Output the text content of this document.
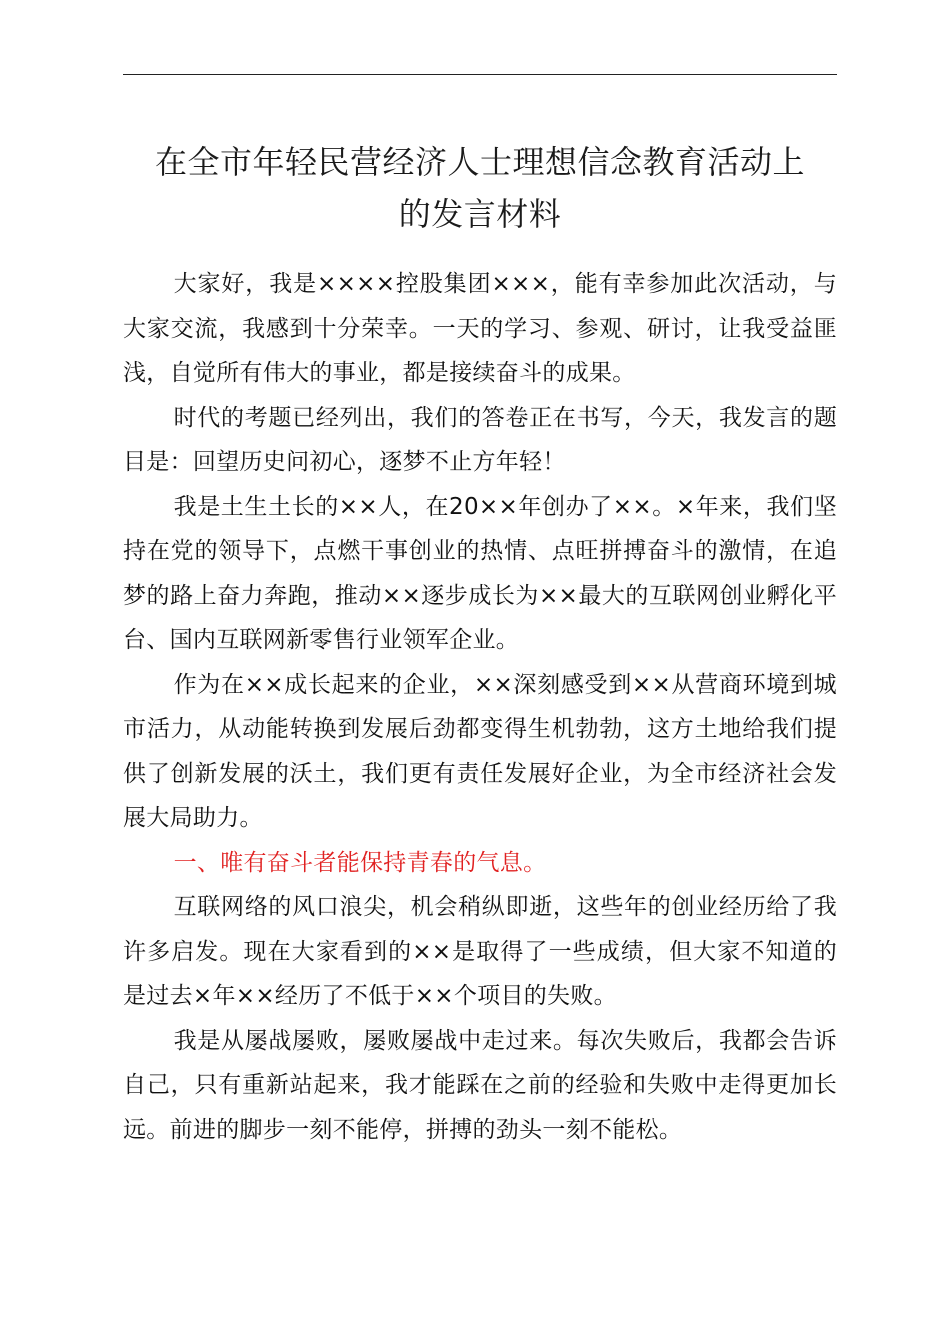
在全市年轻民营经济人士理想信念教育活动上
的发言材料

大家好，我是××××控股集团×××，能有幸参加此次活动，与大家交流，我感到十分荣幸。一天的学习、参观、研讨，让我受益匪浅，自觉所有伟大的事业，都是接续奋斗的成果。

时代的考题已经列出，我们的答卷正在书写，今天，我发言的题目是：回望历史问初心，逐梦不止方年轻！

我是土生土长的××人，在20××年创办了××。×年来，我们坚持在党的领导下，点燃干事创业的热情、点旺拼搏奋斗的激情，在追梦的路上奋力奔跑，推动××逐步成长为××最大的互联网创业孵化平台、国内互联网新零售行业领军企业。

作为在××成长起来的企业，××深刻感受到××从营商环境到城市活力，从动能转换到发展后劲都变得生机勃勃，这方土地给我们提供了创新发展的沃土，我们更有责任发展好企业，为全市经济社会发展大局助力。

一、唯有奋斗者能保持青春的气息。

互联网络的风口浪尖，机会稍纵即逝，这些年的创业经历给了我许多启发。现在大家看到的××是取得了一些成绩，但大家不知道的是过去×年××经历了不低于××个项目的失败。

我是从屡战屡败，屡败屡战中走过来。每次失败后，我都会告诉自己，只有重新站起来，我才能踩在之前的经验和失败中走得更加长远。前进的脚步一刻不能停，拼搏的劲头一刻不能松。
